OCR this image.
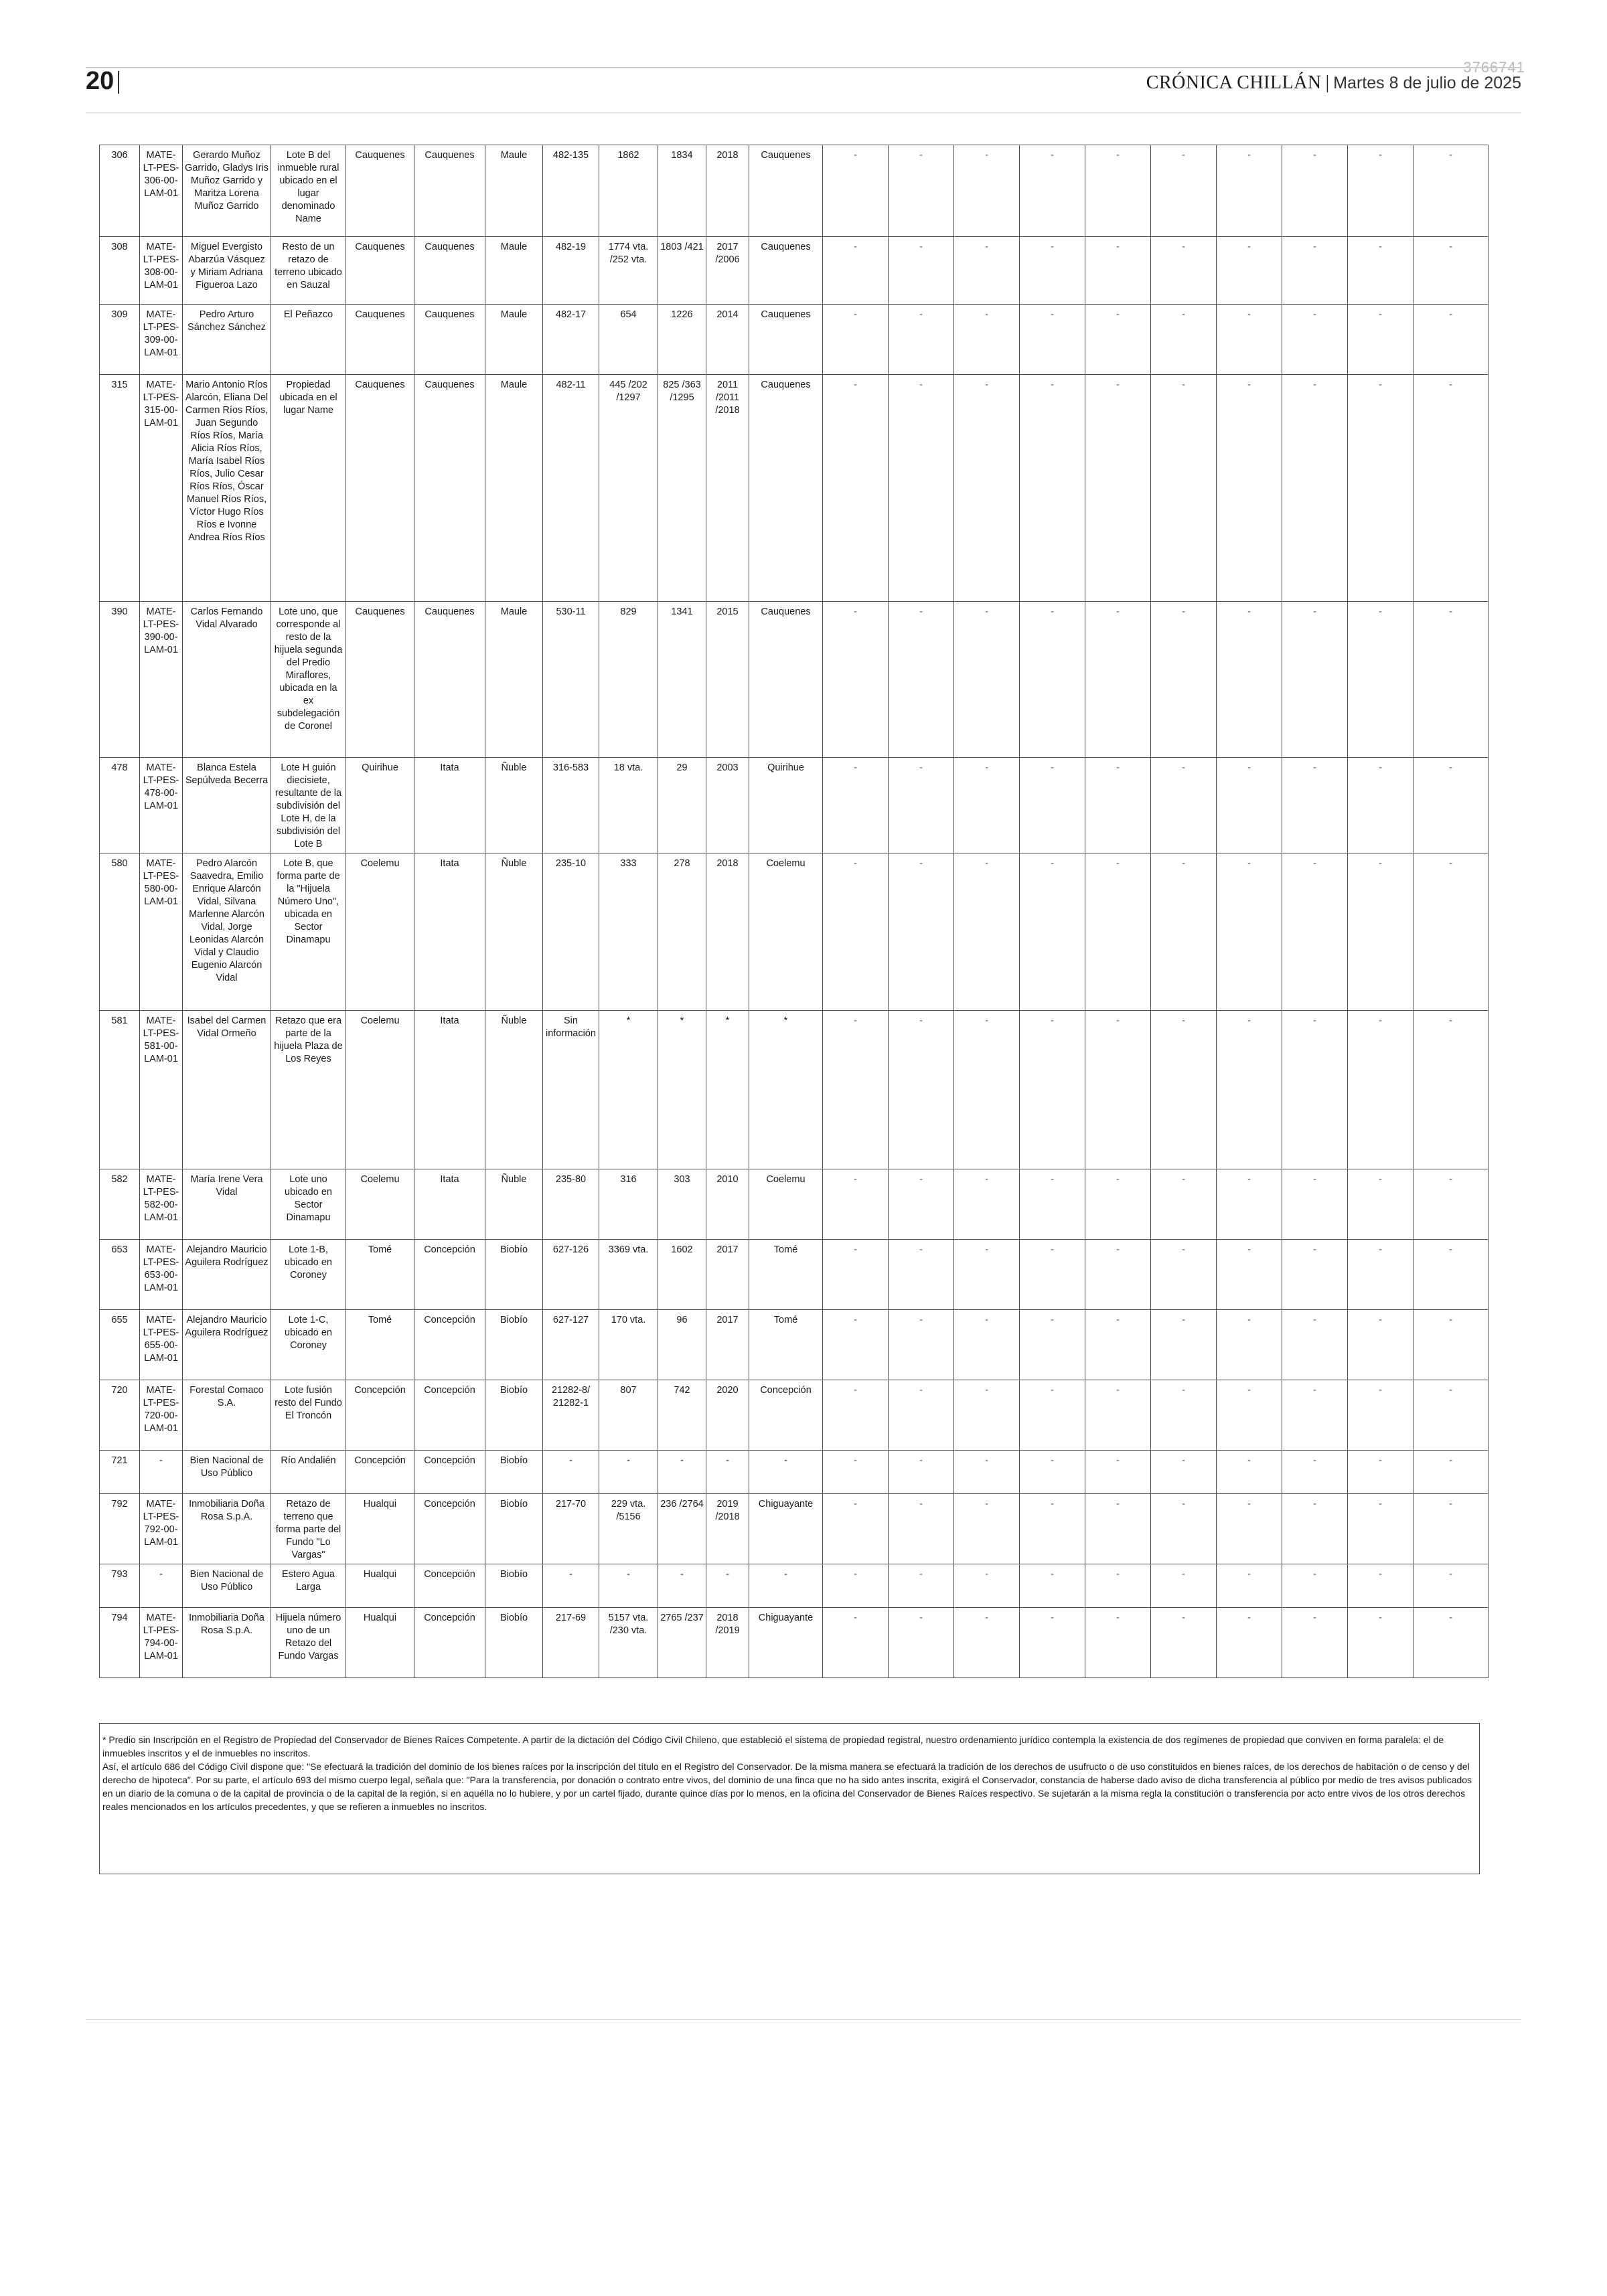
3766741
20	CRÓNICA CHILLÁN | Martes 8 de julio de 2025
306	MATE-LT-PES-306-00-LAM-01	Gerardo Muñoz Garrido, Gladys Iris Muñoz Garrido y Maritza Lorena Muñoz Garrido	Lote B del inmueble rural ubicado en el lugar denominado Name	Cauquenes	Cauquenes	Maule	482-135	1862	1834	2018	Cauquenes	-	-	-	-	-	-	-	-	-	-
308	MATE-LT-PES-308-00-LAM-01	Miguel Evergisto Abarzúa Vásquez y Miriam Adriana Figueroa Lazo	Resto de un retazo de terreno ubicado en Sauzal	Cauquenes	Cauquenes	Maule	482-19	1774 vta. /252 vta.	1803 /421	2017 /2006	Cauquenes	-	-	-	-	-	-	-	-	-	-
309	MATE-LT-PES-309-00-LAM-01	Pedro Arturo Sánchez Sánchez	El Peñazco	Cauquenes	Cauquenes	Maule	482-17	654	1226	2014	Cauquenes	-	-	-	-	-	-	-	-	-	-
315	MATE-LT-PES-315-00-LAM-01	Mario Antonio Ríos Alarcón, Eliana Del Carmen Ríos Ríos, Juan Segundo Ríos Ríos, María Alicia Ríos Ríos, María Isabel Ríos Ríos, Julio Cesar Ríos Ríos, Óscar Manuel Ríos Ríos, Víctor Hugo Ríos Ríos e Ivonne Andrea Ríos Ríos	Propiedad ubicada en el lugar Name	Cauquenes	Cauquenes	Maule	482-11	445 /202 /1297	825 /363 /1295	2011 /2011 /2018	Cauquenes	-	-	-	-	-	-	-	-	-	-
390	MATE-LT-PES-390-00-LAM-01	Carlos Fernando Vidal Alvarado	Lote uno, que corresponde al resto de la hijuela segunda del Predio Miraflores, ubicada en la ex subdelegación de Coronel	Cauquenes	Cauquenes	Maule	530-11	829	1341	2015	Cauquenes	-	-	-	-	-	-	-	-	-	-
478	MATE-LT-PES-478-00-LAM-01	Blanca Estela Sepúlveda Becerra	Lote H guión diecisiete, resultante de la subdivisión del Lote H, de la subdivisión del Lote B	Quirihue	Itata	Ñuble	316-583	18 vta.	29	2003	Quirihue	-	-	-	-	-	-	-	-	-	-
580	MATE-LT-PES-580-00-LAM-01	Pedro Alarcón Saavedra, Emilio Enrique Alarcón Vidal, Silvana Marlenne Alarcón Vidal, Jorge Leonidas Alarcón Vidal y Claudio Eugenio Alarcón Vidal	Lote B, que forma parte de la "Hijuela Número Uno", ubicada en Sector Dinamapu	Coelemu	Itata	Ñuble	235-10	333	278	2018	Coelemu	-	-	-	-	-	-	-	-	-	-
581	MATE-LT-PES-581-00-LAM-01	Isabel del Carmen Vidal Ormeño	Retazo que era parte de la hijuela Plaza de Los Reyes	Coelemu	Itata	Ñuble	Sin información	*	*	*	*	-	-	-	-	-	-	-	-	-	-
582	MATE-LT-PES-582-00-LAM-01	María Irene Vera Vidal	Lote uno ubicado en Sector Dinamapu	Coelemu	Itata	Ñuble	235-80	316	303	2010	Coelemu	-	-	-	-	-	-	-	-	-	-
653	MATE-LT-PES-653-00-LAM-01	Alejandro Mauricio Aguilera Rodríguez	Lote 1-B, ubicado en Coroney	Tomé	Concepción	Biobío	627-126	3369 vta.	1602	2017	Tomé	-	-	-	-	-	-	-	-	-	-
655	MATE-LT-PES-655-00-LAM-01	Alejandro Mauricio Aguilera Rodríguez	Lote 1-C, ubicado en Coroney	Tomé	Concepción	Biobío	627-127	170 vta.	96	2017	Tomé	-	-	-	-	-	-	-	-	-	-
720	MATE-LT-PES-720-00-LAM-01	Forestal Comaco S.A.	Lote fusión resto del Fundo El Troncón	Concepción	Concepción	Biobío	21282-8/ 21282-1	807	742	2020	Concepción	-	-	-	-	-	-	-	-	-	-
721	-	Bien Nacional de Uso Público	Río Andalién	Concepción	Concepción	Biobío	-	-	-	-	-	-	-	-	-	-	-	-	-	-	-
792	MATE-LT-PES-792-00-LAM-01	Inmobiliaria Doña Rosa S.p.A.	Retazo de terreno que forma parte del Fundo "Lo Vargas"	Hualqui	Concepción	Biobío	217-70	229 vta. /5156	236 /2764	2019 /2018	Chiguayante	-	-	-	-	-	-	-	-	-	-
793	-	Bien Nacional de Uso Público	Estero Agua Larga	Hualqui	Concepción	Biobío	-	-	-	-	-	-	-	-	-	-	-	-	-	-	-
794	MATE-LT-PES-794-00-LAM-01	Inmobiliaria Doña Rosa S.p.A.	Hijuela número uno de un Retazo del Fundo Vargas	Hualqui	Concepción	Biobío	217-69	5157 vta. /230 vta.	2765 /237	2018 /2019	Chiguayante	-	-	-	-	-	-	-	-	-	-

* Predio sin Inscripción en el Registro de Propiedad del Conservador de Bienes Raíces Competente. A partir de la dictación del Código Civil Chileno, que estableció el sistema de propiedad registral, nuestro ordenamiento jurídico contempla la existencia de dos regímenes de propiedad que conviven en forma paralela: el de inmuebles inscritos y el de inmuebles no inscritos.

Así, el artículo 686 del Código Civil dispone que: "Se efectuará la tradición del dominio de los bienes raíces por la inscripción del título en el Registro del Conservador. De la misma manera se efectuará la tradición de los derechos de usufructo o de uso constituidos en bienes raíces, de los derechos de habitación o de censo y del derecho de hipoteca". Por su parte, el artículo 693 del mismo cuerpo legal, señala que: "Para la transferencia, por donación o contrato entre vivos, del dominio de una finca que no ha sido antes inscrita, exigirá el Conservador, constancia de haberse dado aviso de dicha transferencia al público por medio de tres avisos publicados en un diario de la comuna o de la capital de provincia o de la capital de la región, si en aquélla no lo hubiere, y por un cartel fijado, durante quince días por lo menos, en la oficina del Conservador de Bienes Raíces respectivo. Se sujetarán a la misma regla la constitución o transferencia por acto entre vivos de los otros derechos reales mencionados en los artículos precedentes, y que se refieren a inmuebles no inscritos.
